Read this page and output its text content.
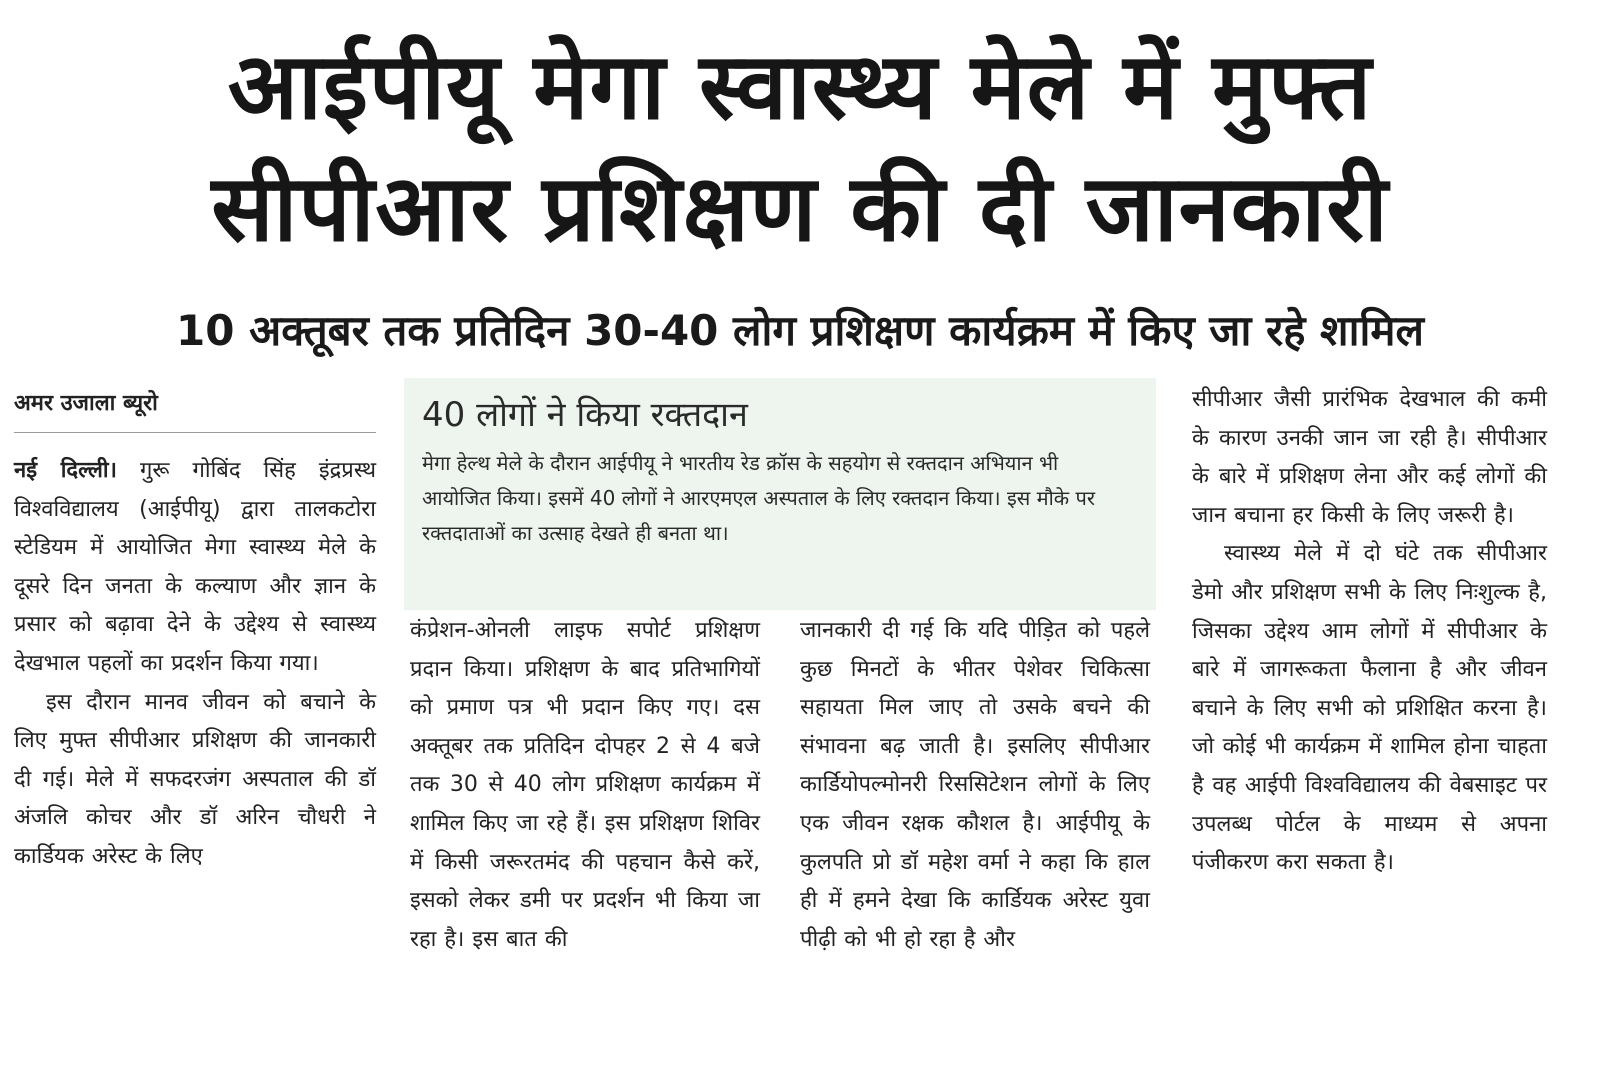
आईपीयू मेगा स्वास्थ्य मेले में मुफ्त
सीपीआर प्रशिक्षण की दी जानकारी
10 अक्तूबर तक प्रतिदिन 30-40 लोग प्रशिक्षण कार्यक्रम में किए जा रहे शामिल
अमर उजाला ब्यूरो

नई दिल्ली। गुरू गोबिंद सिंह इंद्रप्रस्थ विश्वविद्यालय (आईपीयू) द्वारा तालकटोरा स्टेडियम में आयोजित मेगा स्वास्थ्य मेले के दूसरे दिन जनता के कल्याण और ज्ञान के प्रसार को बढ़ावा देने के उद्देश्य से स्वास्थ्य देखभाल पहलों का प्रदर्शन किया गया।

इस दौरान मानव जीवन को बचाने के लिए मुफ्त सीपीआर प्रशिक्षण की जानकारी दी गई। मेले में सफदरजंग अस्पताल की डॉ अंजलि कोचर और डॉ अरिन चौधरी ने कार्डियक अरेस्ट के लिए

40 लोगों ने किया रक्तदान

मेगा हेल्थ मेले के दौरान आईपीयू ने भारतीय रेड क्रॉस के सहयोग से रक्तदान अभियान भी आयोजित किया। इसमें 40 लोगों ने आरएमएल अस्पताल के लिए रक्तदान किया। इस मौके पर रक्तदाताओं का उत्साह देखते ही बनता था।

कंप्रेशन-ओनली लाइफ सपोर्ट प्रशिक्षण प्रदान किया। प्रशिक्षण के बाद प्रतिभागियों को प्रमाण पत्र भी प्रदान किए गए। दस अक्तूबर तक प्रतिदिन दोपहर 2 से 4 बजे तक 30 से 40 लोग प्रशिक्षण कार्यक्रम में शामिल किए जा रहे हैं। इस प्रशिक्षण शिविर में किसी जरूरतमंद की पहचान कैसे करें, इसको लेकर डमी पर प्रदर्शन भी किया जा रहा है। इस बात की

जानकारी दी गई कि यदि पीड़ित को पहले कुछ मिनटों के भीतर पेशेवर चिकित्सा सहायता मिल जाए तो उसके बचने की संभावना बढ़ जाती है। इसलिए सीपीआर कार्डियोपल्मोनरी रिससिटेशन लोगों के लिए एक जीवन रक्षक कौशल है। आईपीयू के कुलपति प्रो डॉ महेश वर्मा ने कहा कि हाल ही में हमने देखा कि कार्डियक अरेस्ट युवा पीढ़ी को भी हो रहा है और

सीपीआर जैसी प्रारंभिक देखभाल की कमी के कारण उनकी जान जा रही है। सीपीआर के बारे में प्रशिक्षण लेना और कई लोगों की जान बचाना हर किसी के लिए जरूरी है।

स्वास्थ्य मेले में दो घंटे तक सीपीआर डेमो और प्रशिक्षण सभी के लिए निःशुल्क है, जिसका उद्देश्य आम लोगों में सीपीआर के बारे में जागरूकता फैलाना है और जीवन बचाने के लिए सभी को प्रशिक्षित करना है। जो कोई भी कार्यक्रम में शामिल होना चाहता है वह आईपी विश्वविद्यालय की वेबसाइट पर उपलब्ध पोर्टल के माध्यम से अपना पंजीकरण करा सकता है।
